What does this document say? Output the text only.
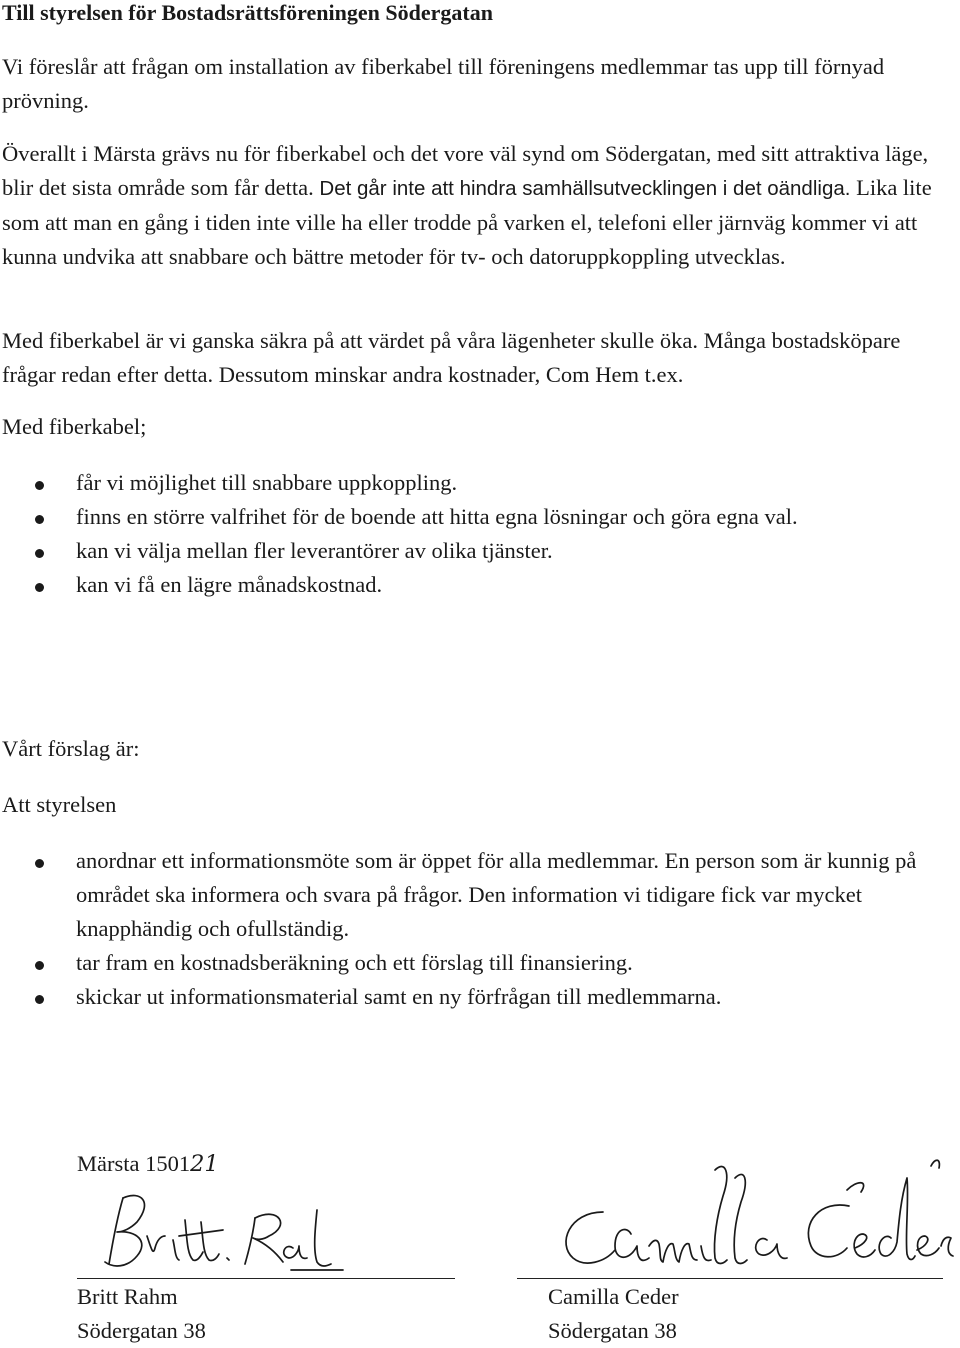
Till styrelsen för Bostadsrättsföreningen Södergatan

Vi föreslår att frågan om installation av fiberkabel till föreningens medlemmar tas upp till förnyad prövning.

Överallt i Märsta grävs nu för fiberkabel och det vore väl synd om Södergatan, med sitt attraktiva läge, blir det sista område som får detta. Det går inte att hindra samhällsutvecklingen i det oändliga. Lika lite som att man en gång i tiden inte ville ha eller trodde på varken el, telefoni eller järnväg kommer vi att kunna undvika att snabbare och bättre metoder för tv- och datoruppkoppling utvecklas.

Med fiberkabel är vi ganska säkra på att värdet på våra lägenheter skulle öka. Många bostadsköpare frågar redan efter detta. Dessutom minskar andra kostnader, Com Hem t.ex.

Med fiberkabel;

får vi möjlighet till snabbare uppkoppling.
finns en större valfrihet för de boende att hitta egna lösningar och göra egna val.
kan vi välja mellan fler leverantörer av olika tjänster.
kan vi få en lägre månadskostnad.

Vårt förslag är:

Att styrelsen

anordnar ett informationsmöte som är öppet för alla medlemmar. En person som är kunnig på området ska informera och svara på frågor. Den information vi tidigare fick var mycket knapphändig och ofullständig.
tar fram en kostnadsberäkning och ett förslag till finansiering.
skickar ut informationsmaterial samt en ny förfrågan till medlemmarna.
Märsta 150121
Britt Rahm
Södergatan 38
Camilla Ceder
Södergatan 38
